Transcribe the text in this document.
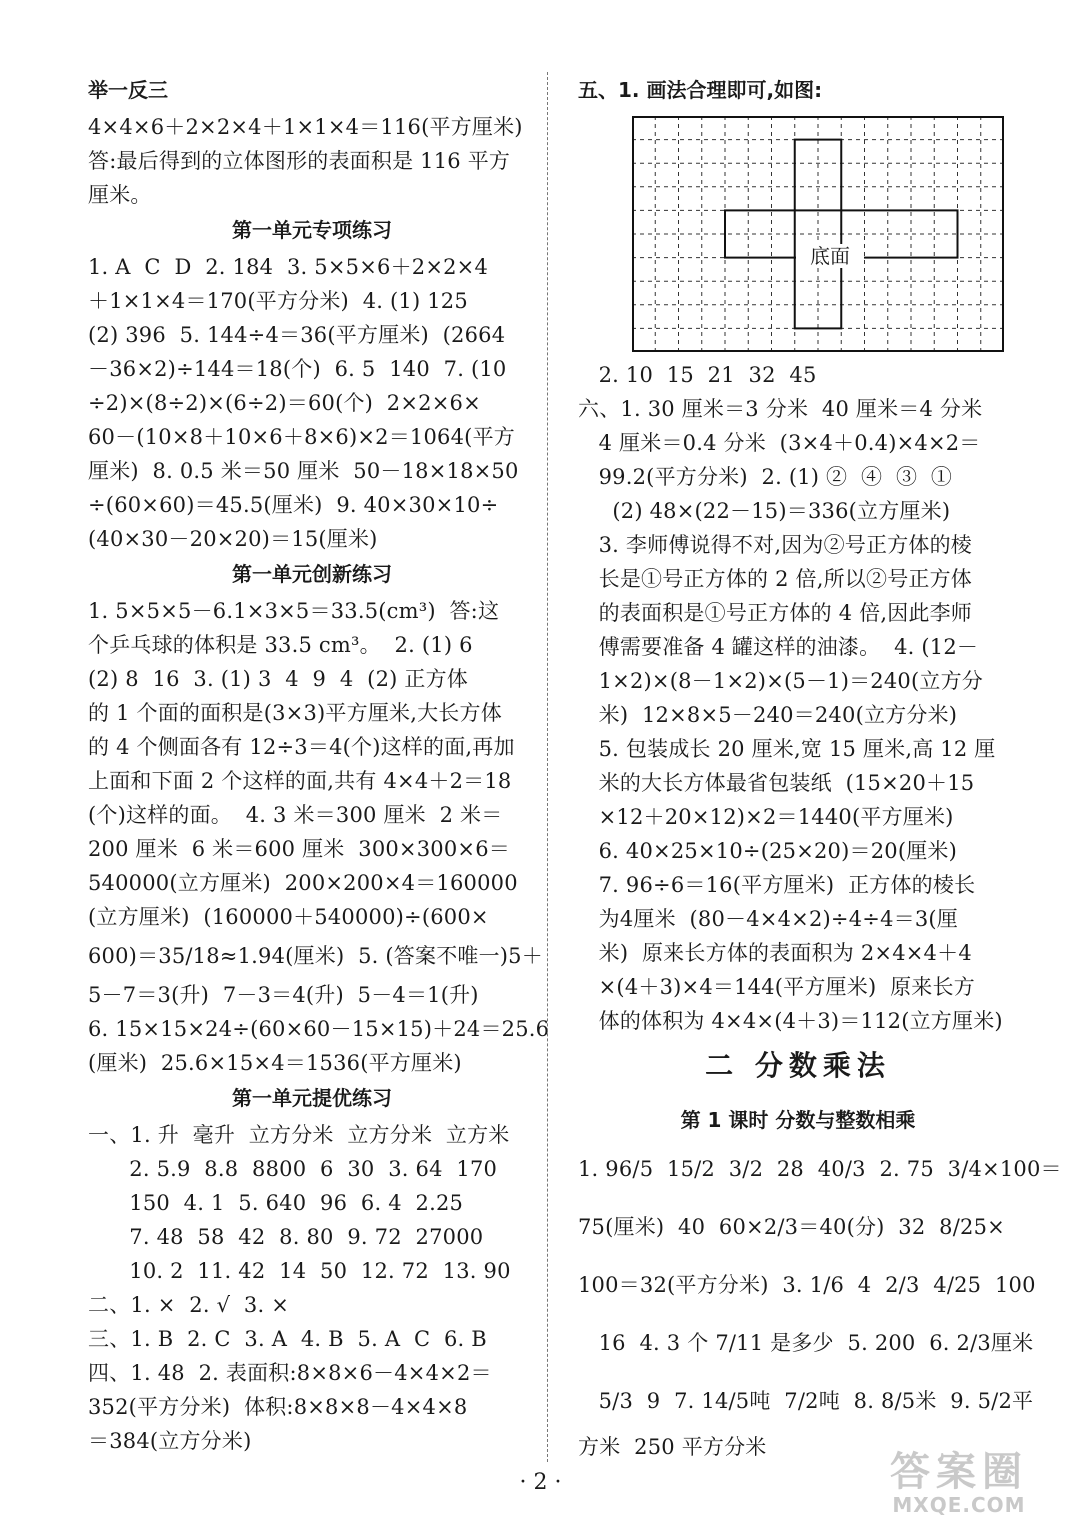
举一反三
4×4×6＋2×2×4＋1×1×4＝116(平方厘米)
答:最后得到的立体图形的表面积是 116 平方
厘米。
第一单元专项练习
1. A  C  D  2. 184  3. 5×5×6＋2×2×4
＋1×1×4＝170(平方分米)  4. (1) 125
(2) 396  5. 144÷4＝36(平方厘米)  (2664
－36×2)÷144＝18(个)  6. 5  140  7. (10
÷2)×(8÷2)×(6÷2)＝60(个)  2×2×6×
60－(10×8＋10×6＋8×6)×2＝1064(平方
厘米)  8. 0.5 米＝50 厘米  50－18×18×50
÷(60×60)＝45.5(厘米)  9. 40×30×10÷
(40×30－20×20)＝15(厘米)
第一单元创新练习
1. 5×5×5－6.1×3×5＝33.5(cm³)  答:这
个乒乓球的体积是 33.5 cm³。  2. (1) 6
(2) 8  16  3. (1) 3  4  9  4  (2) 正方体
的 1 个面的面积是(3×3)平方厘米,大长方体
的 4 个侧面各有 12÷3＝4(个)这样的面,再加
上面和下面 2 个这样的面,共有 4×4＋2＝18
(个)这样的面。  4. 3 米＝300 厘米  2 米＝
200 厘米  6 米＝600 厘米  300×300×6＝
540000(立方厘米)  200×200×4＝160000
(立方厘米)  (160000＋540000)÷(600×
600)＝35/18≈1.94(厘米)  5. (答案不唯一)5＋
5－7＝3(升)  7－3＝4(升)  5－4＝1(升)
6. 15×15×24÷(60×60－15×15)＋24＝25.6
(厘米)  25.6×15×4＝1536(平方厘米)
第一单元提优练习
一、1. 升  毫升  立方分米  立方分米  立方米
2. 5.9  8.8  8800  6  30  3. 64  170
150  4. 1  5. 640  96  6. 4  2.25
7. 48  58  42  8. 80  9. 72  27000
10. 2  11. 42  14  50  12. 72  13. 90
二、1. ×  2. √  3. ×
三、1. B  2. C  3. A  4. B  5. A  C  6. B
四、1. 48  2. 表面积:8×8×6－4×4×2＝
352(平方分米)  体积:8×8×8－4×4×8
＝384(立方分米)
五、1. 画法合理即可,如图:
底面
2. 10  15  21  32  45
六、1. 30 厘米＝3 分米  40 厘米＝4 分米
4 厘米＝0.4 分米  (3×4＋0.4)×4×2＝
99.2(平方分米)  2. (1) ②  ④  ③  ①
(2) 48×(22－15)＝336(立方厘米)
3. 李师傅说得不对,因为②号正方体的棱
长是①号正方体的 2 倍,所以②号正方体
的表面积是①号正方体的 4 倍,因此李师
傅需要准备 4 罐这样的油漆。  4. (12－
1×2)×(8－1×2)×(5－1)＝240(立方分
米)  12×8×5－240＝240(立方分米)
5. 包装成长 20 厘米,宽 15 厘米,高 12 厘
米的大长方体最省包装纸  (15×20＋15
×12＋20×12)×2＝1440(平方厘米)
6. 40×25×10÷(25×20)＝20(厘米)
7. 96÷6＝16(平方厘米)  正方体的棱长
为4厘米  (80－4×4×2)÷4÷4＝3(厘
米)  原来长方体的表面积为 2×4×4＋4
×(4＋3)×4＝144(平方厘米)  原来长方
体的体积为 4×4×(4＋3)＝112(立方厘米)
二 分数乘法
第 1 课时 分数与整数相乘
1. 96/5  15/2  3/2  28  40/3  2. 75  3/4×100＝
75(厘米)  40  60×2/3＝40(分)  32  8/25×
100＝32(平方分米)  3. 1/6  4  2/3  4/25  100
16  4. 3 个 7/11 是多少  5. 200  6. 2/3厘米
5/3  9  7. 14/5吨  7/2吨  8. 8/5米  9. 5/2平
方米  250 平方分米
· 2 ·	答案圈
MXQE.COM
